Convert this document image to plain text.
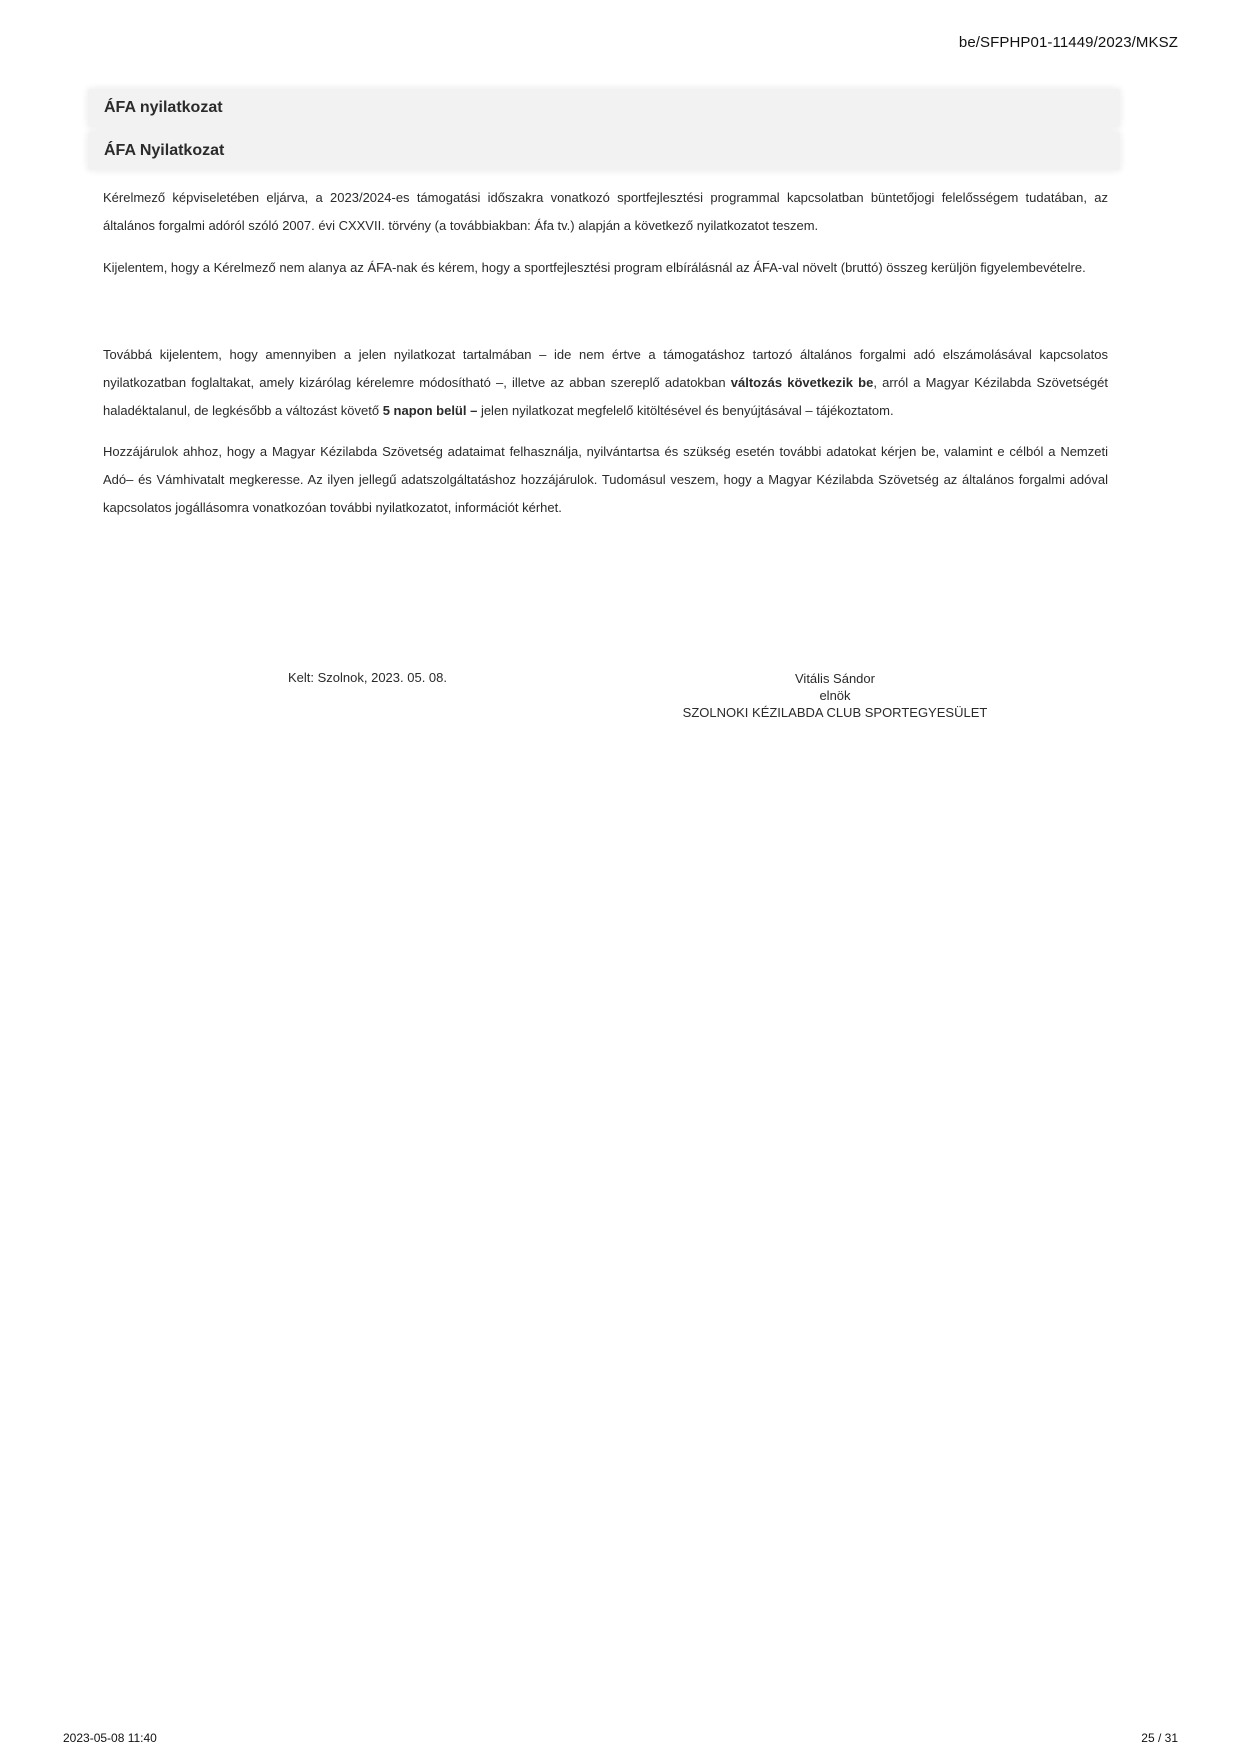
be/SFPHP01-11449/2023/MKSZ
ÁFA nyilatkozat
ÁFA Nyilatkozat
Kérelmező képviseletében eljárva, a 2023/2024-es támogatási időszakra vonatkozó sportfejlesztési programmal kapcsolatban büntetőjogi felelősségem tudatában, az általános forgalmi adóról szóló 2007. évi CXXVII. törvény (a továbbiakban: Áfa tv.) alapján a következő nyilatkozatot teszem.
Kijelentem, hogy a Kérelmező nem alanya az ÁFA-nak és kérem, hogy a sportfejlesztési program elbírálásnál az ÁFA-val növelt (bruttó) összeg kerüljön figyelembevételre.
Továbbá kijelentem, hogy amennyiben a jelen nyilatkozat tartalmában – ide nem értve a támogatáshoz tartozó általános forgalmi adó elszámolásával kapcsolatos nyilatkozatban foglaltakat, amely kizárólag kérelemre módosítható –, illetve az abban szereplő adatokban változás következik be, arról a Magyar Kézilabda Szövetségét haladéktalanul, de legkésőbb a változást követő 5 napon belül – jelen nyilatkozat megfelelő kitöltésével és benyújtásával – tájékoztatom.
Hozzájárulok ahhoz, hogy a Magyar Kézilabda Szövetség adataimat felhasználja, nyilvántartsa és szükség esetén további adatokat kérjen be, valamint e célból a Nemzeti Adó– és Vámhivatalt megkeresse. Az ilyen jellegű adatszolgáltatáshoz hozzájárulok. Tudomásul veszem, hogy a Magyar Kézilabda Szövetség az általános forgalmi adóval kapcsolatos jogállásomra vonatkozóan további nyilatkozatot, információt kérhet.
Kelt: Szolnok, 2023. 05. 08.	Vitális Sándor
elnök
SZOLNOKI KÉZILABDA CLUB SPORTEGYESÜLET
2023-05-08 11:40	25 / 31
